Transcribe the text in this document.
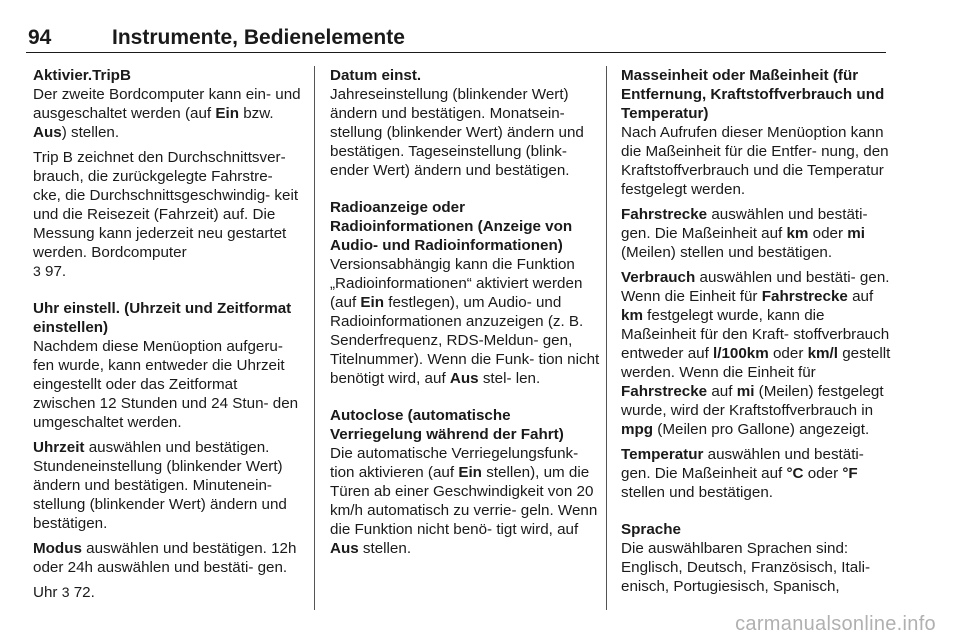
94	Instrumente, Bedienelemente

Aktivier.TripB

Der zweite Bordcomputer kann ein- und ausgeschaltet werden (auf Ein bzw. Aus) stellen.

Trip B zeichnet den Durchschnittsver- brauch, die zurückgelegte Fahrstre- cke, die Durchschnittsgeschwindig- keit und die Reisezeit (Fahrzeit) auf. Die Messung kann jederzeit neu gestartet werden. Bordcomputer
3 97.

Uhr einstell. (Uhrzeit und Zeitformat einstellen)

Nachdem diese Menüoption aufgeru- fen wurde, kann entweder die Uhrzeit eingestellt oder das Zeitformat zwischen 12 Stunden und 24 Stun- den umgeschaltet werden.

Uhrzeit auswählen und bestätigen. Stundeneinstellung (blinkender Wert) ändern und bestätigen. Minutenein- stellung (blinkender Wert) ändern und bestätigen.

Modus auswählen und bestätigen. 12h oder 24h auswählen und bestäti- gen.

Uhr 3 72.

Datum einst.

Jahreseinstellung (blinkender Wert) ändern und bestätigen. Monatsein- stellung (blinkender Wert) ändern und bestätigen. Tageseinstellung (blink- ender Wert) ändern und bestätigen.

Radioanzeige oder Radioinformationen (Anzeige von Audio- und Radioinformationen)

Versionsabhängig kann die Funktion „Radioinformationen“ aktiviert werden (auf Ein festlegen), um Audio- und Radioinformationen anzuzeigen (z. B. Senderfrequenz, RDS-Meldun- gen, Titelnummer). Wenn die Funk- tion nicht benötigt wird, auf Aus stel- len.

Autoclose (automatische Verriegelung während der Fahrt)

Die automatische Verriegelungsfunk- tion aktivieren (auf Ein stellen), um die Türen ab einer Geschwindigkeit von 20 km/h automatisch zu verrie- geln. Wenn die Funktion nicht benö- tigt wird, auf Aus stellen.

Masseinheit oder Maßeinheit (für Entfernung, Kraftstoffverbrauch und Temperatur)

Nach Aufrufen dieser Menüoption kann die Maßeinheit für die Entfer- nung, den Kraftstoffverbrauch und die Temperatur festgelegt werden.

Fahrstrecke auswählen und bestäti- gen. Die Maßeinheit auf km oder mi (Meilen) stellen und bestätigen.

Verbrauch auswählen und bestäti- gen. Wenn die Einheit für Fahrstrecke auf km festgelegt wurde, kann die Maßeinheit für den Kraft- stoffverbrauch entweder auf l/100km oder km/l gestellt werden. Wenn die Einheit für Fahrstrecke auf mi (Meilen) festgelegt wurde, wird der Kraftstoffverbrauch in mpg (Meilen pro Gallone) angezeigt.

Temperatur auswählen und bestäti- gen. Die Maßeinheit auf °C oder °F stellen und bestätigen.

Sprache

Die auswählbaren Sprachen sind: Englisch, Deutsch, Französisch, Itali- enisch, Portugiesisch, Spanisch,

carmanualsonline.info
